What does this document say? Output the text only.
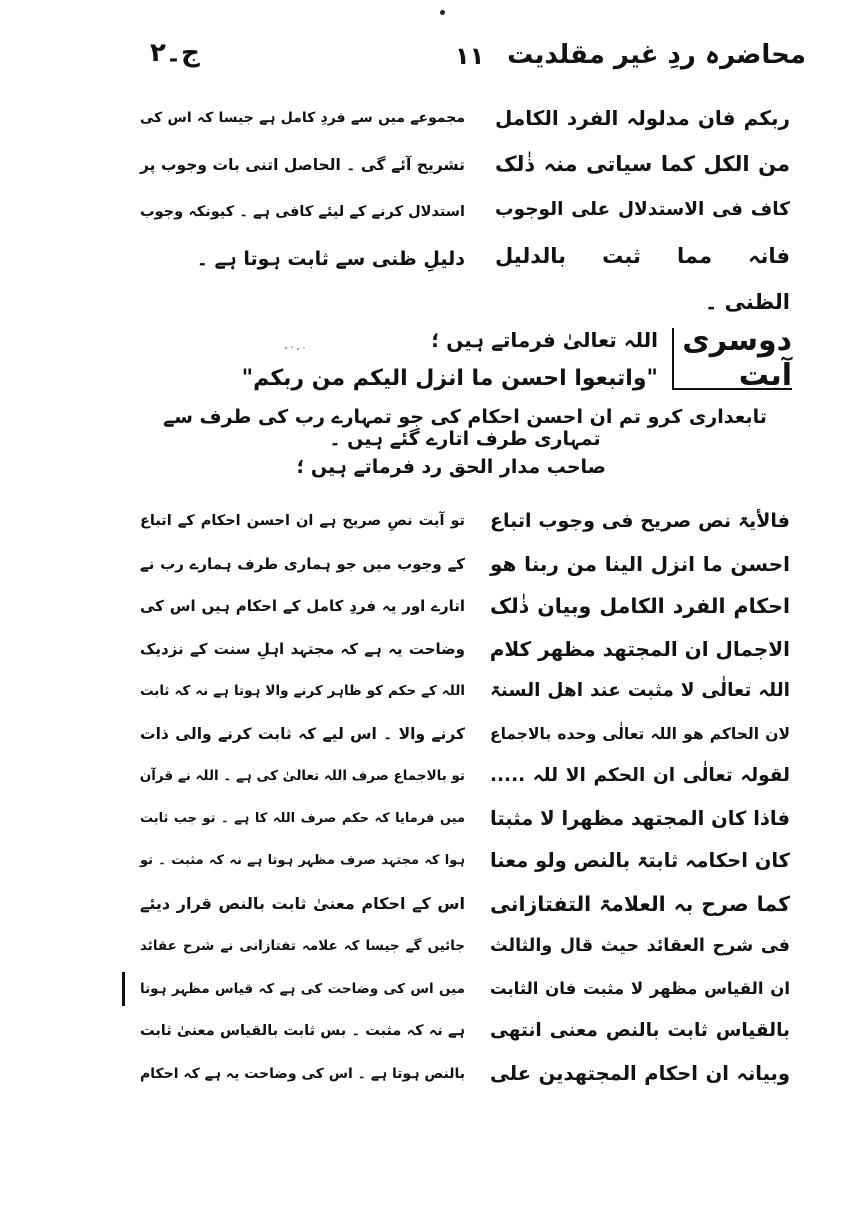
ج۔٢	۱۱ محاضرہ ردِ غیر مقلدیت
ربکم فان مدلولہ الفرد الکامل
من الکل کما سیاتی منہ ذٰلک
کاف فی الاستدلال علی الوجوب
فانہ مما ثبت بالدلیل
الظنی ۔
مجموعے میں سے فردِ کامل ہے جیسا کہ اس کی
تشریح آئے گی ۔ الحاصل اتنی بات وجوب پر
استدلال کرنے کے لیئے کافی ہے ۔ کیونکہ وجوب
دلیلِ ظنی سے ثابت ہوتا ہے ۔
دوسری آیت
اللہ تعالیٰ فرماتے ہیں ؛
"واتبعوا احسن ما انزل الیکم من ربکم"
تابعداری کرو تم ان احسن احکام کی جو تمہارے رب کی طرف سے تمہاری طرف اتارے گئے ہیں ۔
صاحب مدار الحق رد فرماتے ہیں ؛
فالأیۃ نص صریح فی وجوب اتباع
احسن ما انزل الینا من ربنا هو
احکام الفرد الکامل وبیان ذٰلک
الاجمال ان المجتهد مظهر کلام
اللہ تعالٰی لا مثبت عند اهل السنۃ
لان الحاکم هو اللہ تعالٰی وحده بالاجماع
لقولہ تعالٰی ان الحکم الا للہ .....
فاذا کان المجتهد مظهرا لا مثبتا
کان احکامہ ثابتۃ بالنص ولو معنا
کما صرح بہ العلامۃ التفتازانی
فی شرح العقائد حیث قال والثالث
ان القیاس مظهر لا مثبت فان الثابت
بالقیاس ثابت بالنص معنی انتهی
وبیانہ ان احکام المجتهدین علی
تو آیت نصِ صریح ہے ان احسن احکام کے اتباع
کے وجوب میں جو ہماری طرف ہمارے رب نے
اتارے اور یہ فردِ کامل کے احکام ہیں اس کی
وضاحت یہ ہے کہ مجتہد اہلِ سنت کے نزدیک
اللہ کے حکم کو ظاہر کرنے والا ہوتا ہے نہ کہ ثابت
کرنے والا ۔ اس لیے کہ ثابت کرنے والی ذات
تو بالاجماع صرف اللہ تعالیٰ کی ہے ۔ اللہ نے قرآن
میں فرمایا کہ حکم صرف اللہ کا ہے ۔ تو جب ثابت
ہوا کہ مجتہد صرف مظہر ہوتا ہے نہ کہ مثبت ۔ تو
اس کے احکام معنیٰ ثابت بالنص قرار دیئے
جائیں گے جیسا کہ علامہ تفتازانی نے شرح عقائد
میں اس کی وضاحت کی ہے کہ قیاس مظہر ہوتا
ہے نہ کہ مثبت ۔ بس ثابت بالقیاس معنیٰ ثابت
بالنص ہوتا ہے ۔ اس کی وضاحت یہ ہے کہ احکام
